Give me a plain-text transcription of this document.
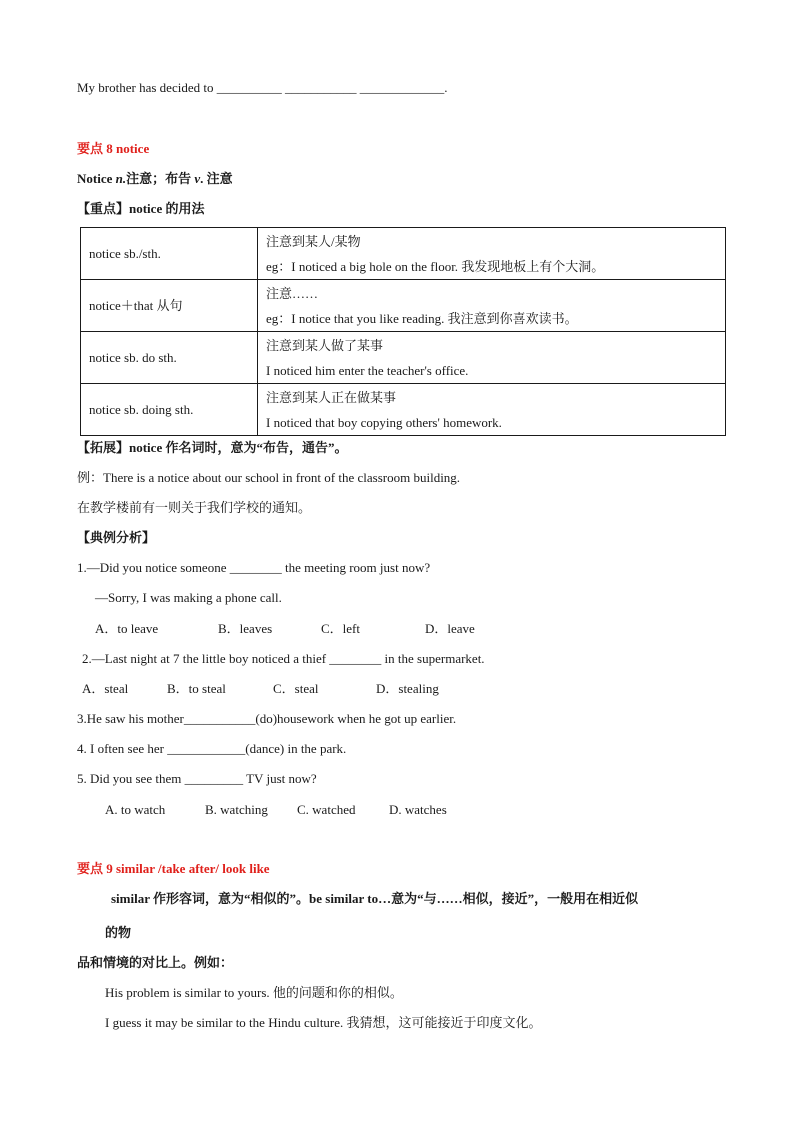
My brother has decided to __________ ___________ _____________.
要点 8 notice
Notice n.注意；布告 v. 注意
【重点】notice 的用法
notice sb./sth.	注意到某人/某物
eg：I noticed a big hole on the floor. 我发现地板上有个大洞。

notice＋that 从句	注意……
eg：I notice that you like reading. 我注意到你喜欢读书。

notice sb. do sth.	注意到某人做了某事
I noticed him enter the teacher's office.

notice sb. doing sth.	注意到某人正在做某事
I noticed that boy copying others' homework.
【拓展】notice 作名词时，意为“布告，通告”。
例：There is a notice about our school in front of the classroom building.
在教学楼前有一则关于我们学校的通知。
【典例分析】
1.—Did you notice someone ________ the meeting room just now?
—Sorry, I was making a phone call.
A．to leave	B．leaves	C．left	D．leave
2.—Last night at 7 the little boy noticed a thief ________ in the supermarket.
A．steal	B．to steal	C．steal	D．stealing
3.He saw his mother___________(do)housework when he got up earlier.
4. I often see her ____________(dance) in the park.
5. Did you see them _________ TV just now?
A. to watch	B. watching C. watched	D. watches
要点 9 similar /take after/ look like
similar 作形容词，意为“相似的”。be similar to…意为“与……相似，接近”，一般用在相近似
的物
品和情境的对比上。例如：
His problem is similar to yours. 他的问题和你的相似。
I guess it may be similar to the Hindu culture. 我猜想，这可能接近于印度文化。
